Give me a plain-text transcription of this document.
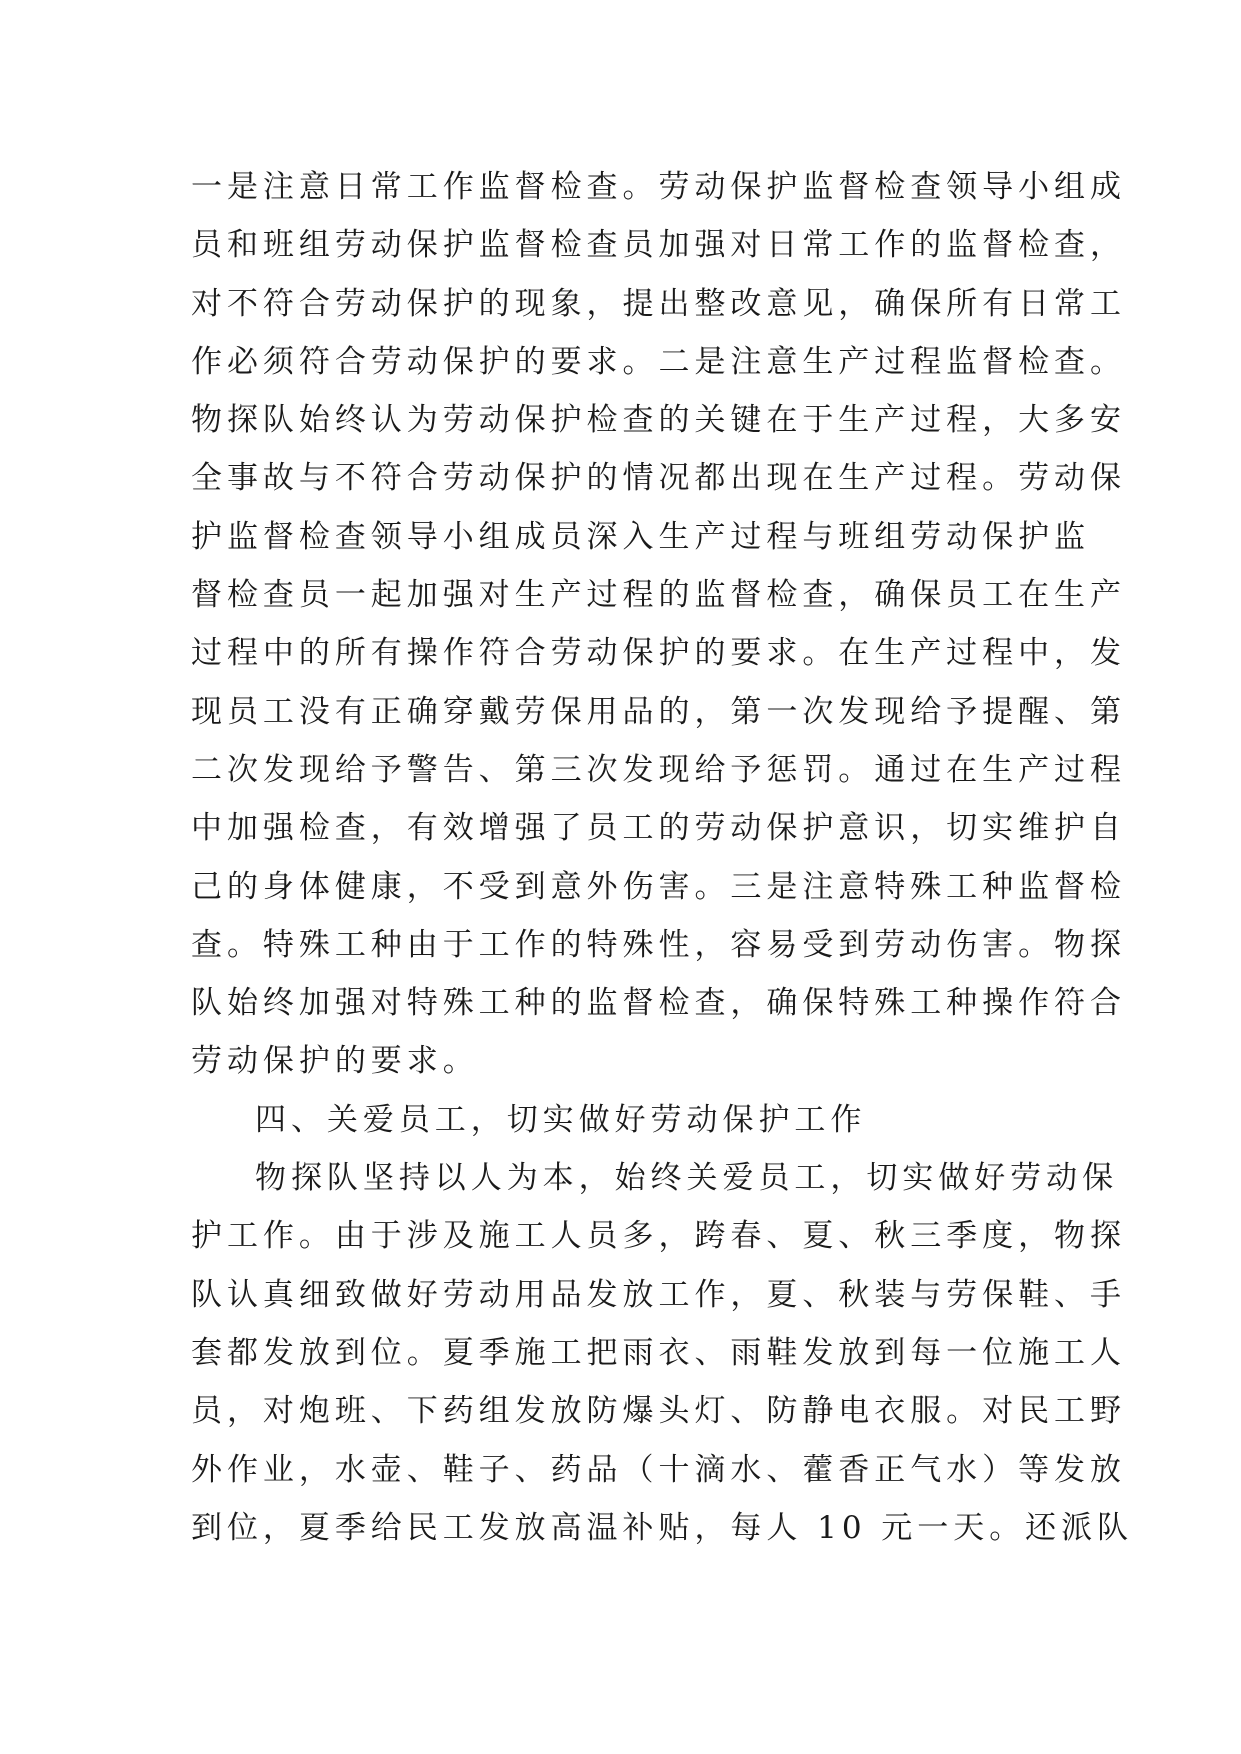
一是注意日常工作监督检查。劳动保护监督检查领导小组成
员和班组劳动保护监督检查员加强对日常工作的监督检查，
对不符合劳动保护的现象，提出整改意见，确保所有日常工
作必须符合劳动保护的要求。二是注意生产过程监督检查。
物探队始终认为劳动保护检查的关键在于生产过程，大多安
全事故与不符合劳动保护的情况都出现在生产过程。劳动保
护监督检查领导小组成员深入生产过程与班组劳动保护监
督检查员一起加强对生产过程的监督检查，确保员工在生产
过程中的所有操作符合劳动保护的要求。在生产过程中，发
现员工没有正确穿戴劳保用品的，第一次发现给予提醒、第
二次发现给予警告、第三次发现给予惩罚。通过在生产过程
中加强检查，有效增强了员工的劳动保护意识，切实维护自
己的身体健康，不受到意外伤害。三是注意特殊工种监督检
查。特殊工种由于工作的特殊性，容易受到劳动伤害。物探
队始终加强对特殊工种的监督检查，确保特殊工种操作符合
劳动保护的要求。
四、关爱员工，切实做好劳动保护工作
物探队坚持以人为本，始终关爱员工，切实做好劳动保
护工作。由于涉及施工人员多，跨春、夏、秋三季度，物探
队认真细致做好劳动用品发放工作，夏、秋装与劳保鞋、手
套都发放到位。夏季施工把雨衣、雨鞋发放到每一位施工人
员，对炮班、下药组发放防爆头灯、防静电衣服。对民工野
外作业，水壶、鞋子、药品（十滴水、藿香正气水）等发放
到位，夏季给民工发放高温补贴，每人 10 元一天。还派队
